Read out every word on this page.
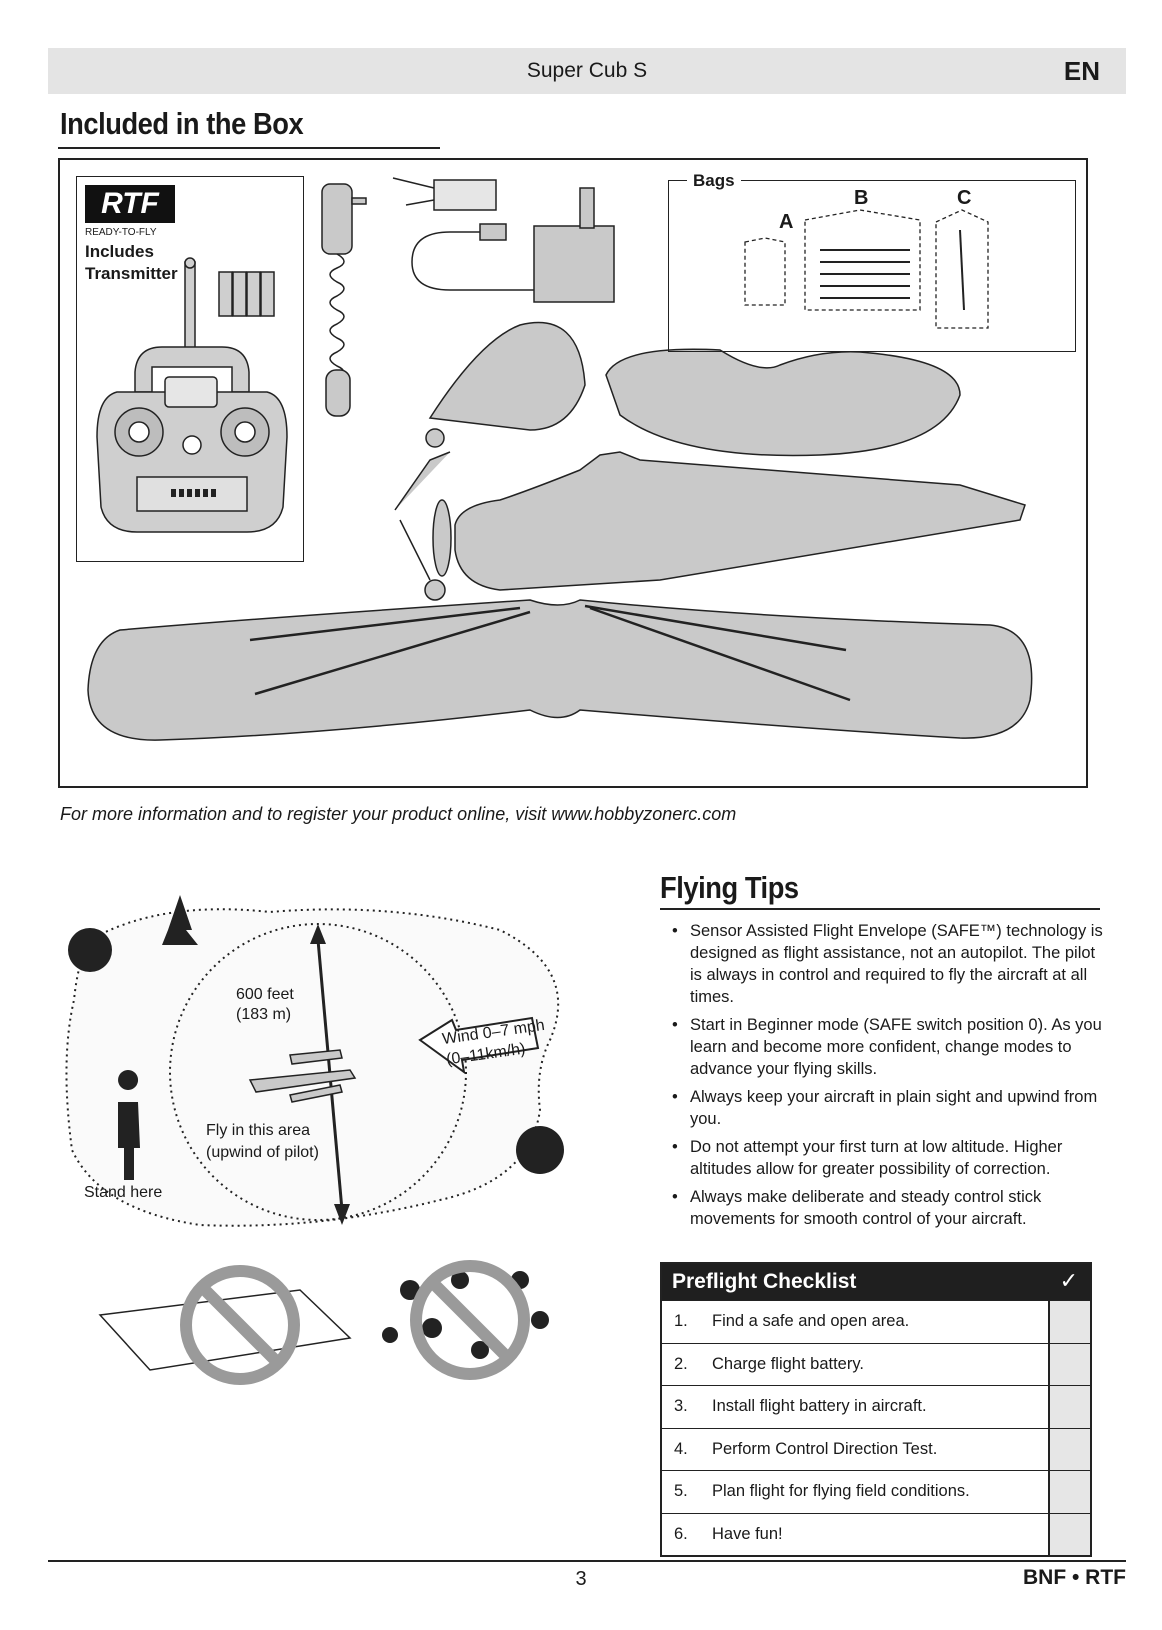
Super Cub S	EN
Included in the Box
RTF
READY-TO-FLY
Includes Transmitter
Bags
A
B	C
For more information and to register your product online, visit www.hobbyzonerc.com
600 feet
(183 m)
Wind 0–7 mph
(0–11km/h)
Fly in this area
(upwind of pilot)
Stand here
Flying Tips
• Sensor Assisted Flight Envelope (SAFE™) technology is designed as flight assistance, not an autopilot. The pilot is always in control and required to fly the aircraft at all times.
• Start in Beginner mode (SAFE switch position 0). As you learn and become more confident, change modes to advance your flying skills.
• Always keep your aircraft in plain sight and upwind from you.
• Do not attempt your first turn at low altitude. Higher altitudes allow for greater possibility of correction.
• Always make deliberate and steady control stick movements for smooth control of your aircraft.
Preflight Checklist	✓
1. Find a safe and open area.
2. Charge flight battery.
3. Install flight battery in aircraft.
4. Perform Control Direction Test.
5. Plan flight for flying field conditions.
6. Have fun!
3	BNF • RTF
